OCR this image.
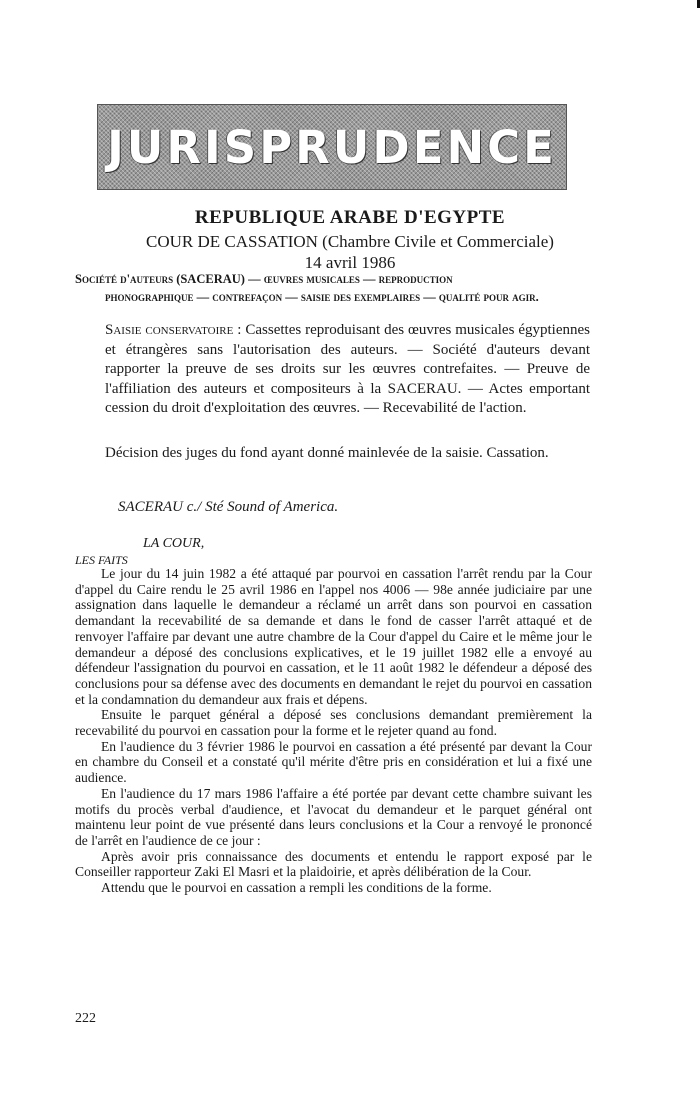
JURISPRUDENCE
REPUBLIQUE ARABE D'EGYPTE
COUR DE CASSATION (Chambre Civile et Commerciale)
14 avril 1986
Société d'auteurs (SACERAU) — œuvres musicales — reproduction
phonographique — contrefaçon — saisie des exemplaires — qualité pour agir.
Saisie conservatoire : Cassettes reproduisant des œuvres musicales égyptiennes et étrangères sans l'autorisation des auteurs. — Société d'auteurs devant rapporter la preuve de ses droits sur les œuvres contrefaites. — Preuve de l'affiliation des auteurs et compositeurs à la SACERAU. — Actes emportant cession du droit d'exploitation des œuvres. — Recevabilité de l'action.
Décision des juges du fond ayant donné mainlevée de la saisie. Cassation.
SACERAU c./ Sté Sound of America.
LA COUR,
LES FAITS

Le jour du 14 juin 1982 a été attaqué par pourvoi en cassation l'arrêt rendu par la Cour d'appel du Caire rendu le 25 avril 1986 en l'appel nos 4006 — 98e année judiciaire par une assignation dans laquelle le demandeur a réclamé un arrêt dans son pourvoi en cassation demandant la recevabilité de sa demande et dans le fond de casser l'arrêt attaqué et de renvoyer l'affaire par devant une autre chambre de la Cour d'appel du Caire et le même jour le demandeur a déposé des conclusions explicatives, et le 19 juillet 1982 elle a envoyé au défendeur l'assignation du pourvoi en cassation, et le 11 août 1982 le défendeur a déposé des conclusions pour sa défense avec des documents en demandant le rejet du pourvoi en cassation et la condamnation du demandeur aux frais et dépens.

Ensuite le parquet général a déposé ses conclusions demandant premièrement la recevabilité du pourvoi en cassation pour la forme et le rejeter quand au fond.

En l'audience du 3 février 1986 le pourvoi en cassation a été présenté par devant la Cour en chambre du Conseil et a constaté qu'il mérite d'être pris en considération et lui a fixé une audience.

En l'audience du 17 mars 1986 l'affaire a été portée par devant cette chambre suivant les motifs du procès verbal d'audience, et l'avocat du demandeur et le parquet général ont maintenu leur point de vue présenté dans leurs conclusions et la Cour a renvoyé le prononcé de l'arrêt en l'audience de ce jour :

Après avoir pris connaissance des documents et entendu le rapport exposé par le Conseiller rapporteur Zaki El Masri et la plaidoirie, et après délibération de la Cour.

Attendu que le pourvoi en cassation a rempli les conditions de la forme.

222
